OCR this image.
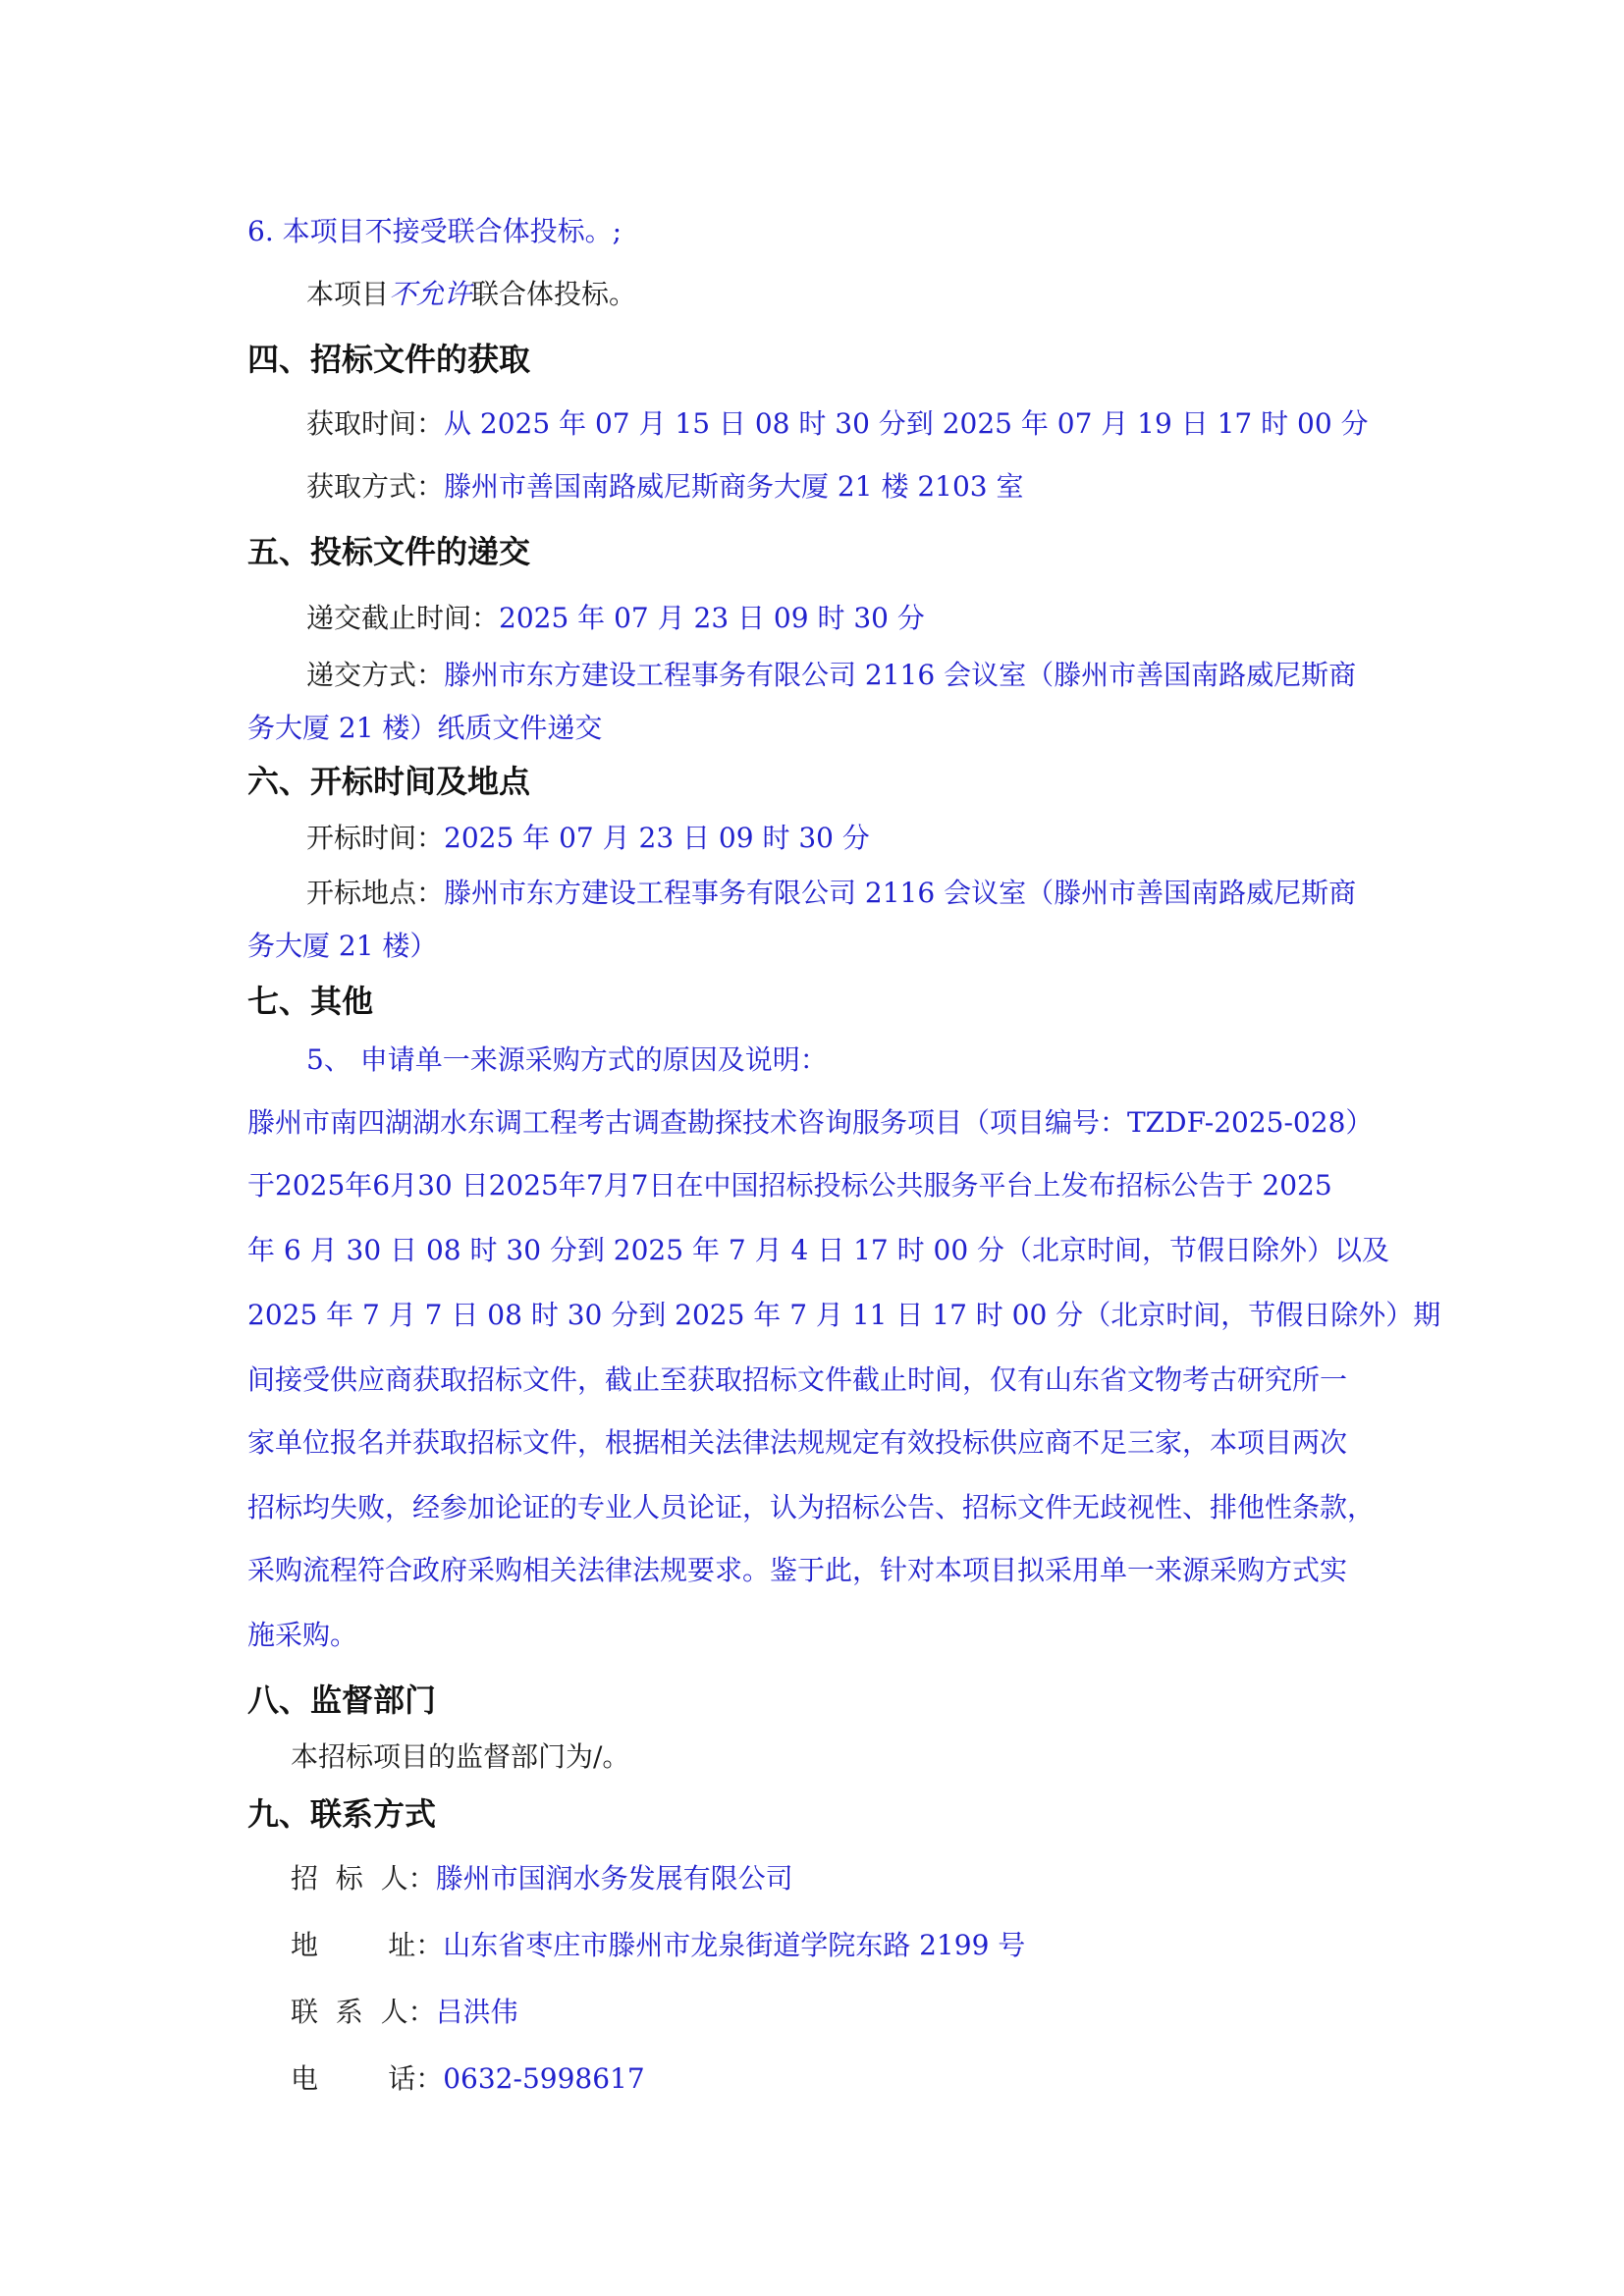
6. 本项目不接受联合体投标。;
本项目不允许联合体投标。
四、招标文件的获取
获取时间：从 2025 年 07 月 15 日 08 时 30 分到 2025 年 07 月 19 日 17 时 00 分
获取方式：滕州市善国南路威尼斯商务大厦 21 楼 2103 室
五、投标文件的递交
递交截止时间：2025 年 07 月 23 日 09 时 30 分
递交方式：滕州市东方建设工程事务有限公司 2116 会议室（滕州市善国南路威尼斯商
务大厦 21 楼）纸质文件递交
六、开标时间及地点
开标时间：2025 年 07 月 23 日 09 时 30 分
开标地点：滕州市东方建设工程事务有限公司 2116 会议室（滕州市善国南路威尼斯商
务大厦 21 楼）
七、其他
5、 申请单一来源采购方式的原因及说明：
滕州市南四湖湖水东调工程考古调查勘探技术咨询服务项目（项目编号：TZDF-2025-028）
于2025年6月30 日2025年7月7日在中国招标投标公共服务平台上发布招标公告于 2025
年 6 月 30 日 08 时 30 分到 2025 年 7 月 4 日 17 时 00 分（北京时间，节假日除外）以及
2025 年 7 月 7 日 08 时 30 分到 2025 年 7 月 11 日 17 时 00 分（北京时间，节假日除外）期
间接受供应商获取招标文件，截止至获取招标文件截止时间，仅有山东省文物考古研究所一
家单位报名并获取招标文件，根据相关法律法规规定有效投标供应商不足三家，本项目两次
招标均失败，经参加论证的专业人员论证，认为招标公告、招标文件无歧视性、排他性条款，
采购流程符合政府采购相关法律法规要求。鉴于此，针对本项目拟采用单一来源采购方式实
施采购。
八、监督部门
本招标项目的监督部门为/。
九、联系方式
招  标  人：滕州市国润水务发展有限公司
地        址：山东省枣庄市滕州市龙泉街道学院东路 2199 号
联  系  人：吕洪伟
电        话：0632-5998617
